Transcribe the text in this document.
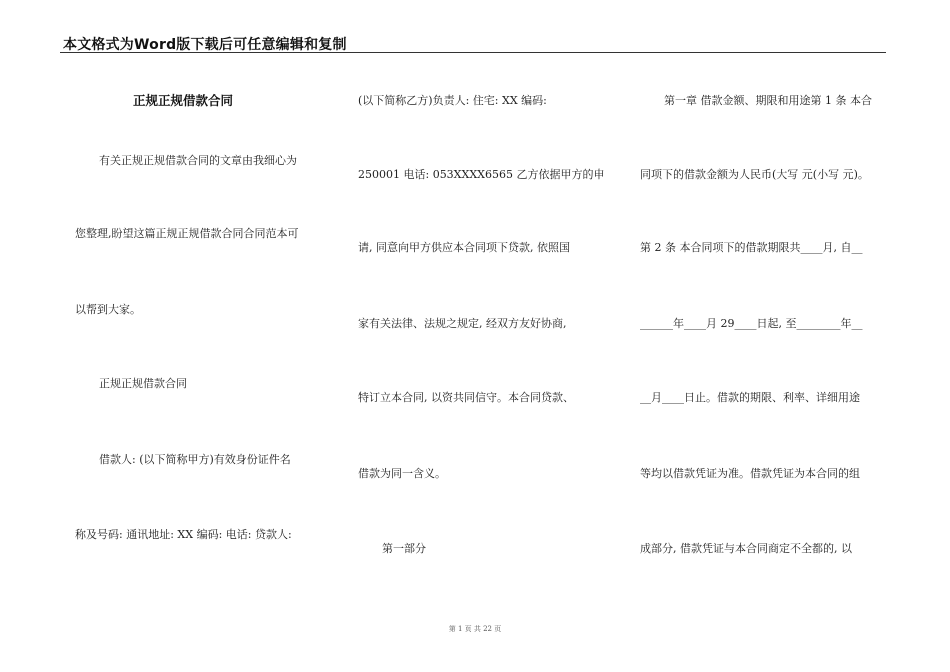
本文格式为Word版下载后可任意编辑和复制
正规正规借款合同
有关正规正规借款合同的文章由我细心为
您整理,盼望这篇正规正规借款合同合同范本可
以帮到大家。
正规正规借款合同
借款人: (以下简称甲方)有效身份证件名
称及号码: 通讯地址: XX 编码: 电话: 贷款人:
(以下简称乙方)负责人: 住宅: XX 编码:
250001 电话: 053XXXX6565 乙方依据甲方的申
请, 同意向甲方供应本合同项下贷款, 依照国
家有关法律、法规之规定, 经双方友好协商,
特订立本合同, 以资共同信守。本合同贷款、
借款为同一含义。
第一部分
第一章 借款金额、期限和用途第 1 条 本合
同项下的借款金额为人民币(大写 元(小写 元)。
第 2 条 本合同项下的借款期限共____月, 自__
______年____月 29____日起, 至________年__
__月____日止。借款的期限、利率、详细用途
等均以借款凭证为准。借款凭证为本合同的组
成部分, 借款凭证与本合同商定不全都的, 以
第 1 页 共 22 页
